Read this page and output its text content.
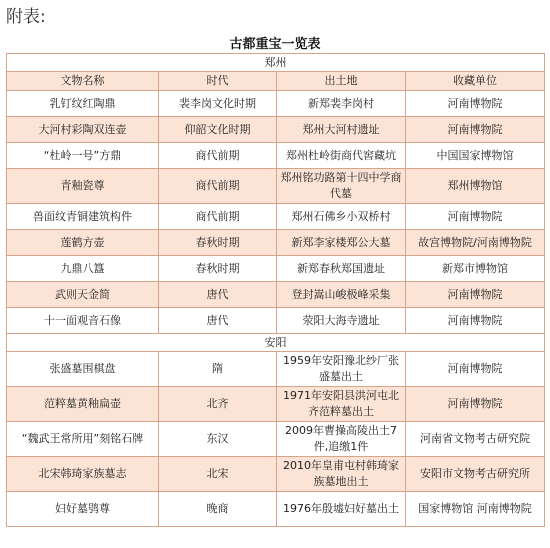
附表:
古都重宝一览表
郑州			
文物名称	时代	出土地	收藏单位
乳钉纹红陶鼎	裴李岗文化时期	新郑裴李岗村	河南博物院
大河村彩陶双连壶	仰韶文化时期	郑州大河村遗址	河南博物院
“杜岭一号”方鼎	商代前期	郑州杜岭街商代窖藏坑	中国国家博物馆
青釉瓷尊	商代前期	郑州铭功路第十四中学商代墓	郑州博物馆
兽面纹青铜建筑构件	商代前期	郑州石佛乡小双桥村	河南博物院
莲鹤方壶	春秋时期	新郑李家楼郑公大墓	故宫博物院/河南博物院
九鼎八簋	春秋时期	新郑春秋郑国遗址	新郑市博物馆
武则天金简	唐代	登封嵩山峻极峰采集	河南博物院
十一面观音石像	唐代	荥阳大海寺遗址	河南博物院
安阳			
张盛墓围棋盘	隋	1959年安阳豫北纱厂张盛墓出土	河南博物院
范粹墓黄釉扁壶	北齐	1971年安阳县洪河屯北齐范粹墓出土	河南博物院
“魏武王常所用”刻铭石牌	东汉	2009年曹操高陵出土7件,追缴1件	河南省文物考古研究院
北宋韩琦家族墓志	北宋	2010年皇甫屯村韩琦家族墓地出土	安阳市文物考古研究所
妇好墓鸮尊	晚商	1976年殷墟妇好墓出土	国家博物馆 河南博物院
